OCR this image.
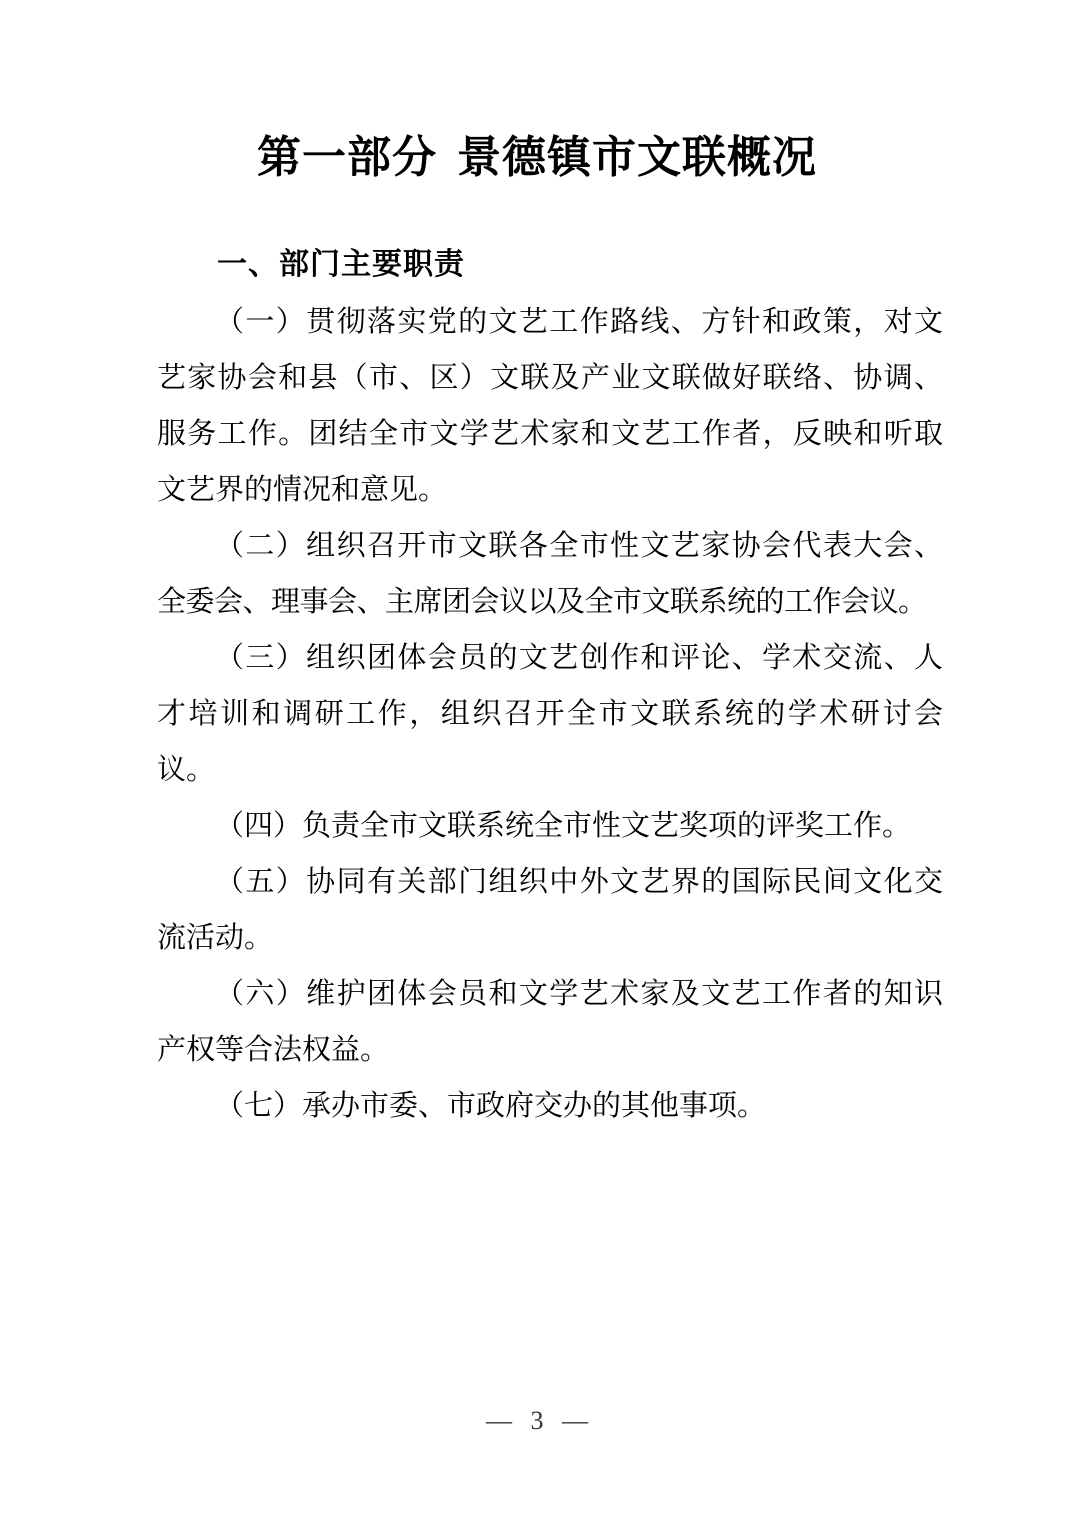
第一部分 景德镇市文联概况
一、部门主要职责
（一）贯彻落实党的文艺工作路线、方针和政策，对文
艺家协会和县（市、区）文联及产业文联做好联络、协调、
服务工作。团结全市文学艺术家和文艺工作者，反映和听取
文艺界的情况和意见。
（二）组织召开市文联各全市性文艺家协会代表大会、
全委会、理事会、主席团会议以及全市文联系统的工作会议。
（三）组织团体会员的文艺创作和评论、学术交流、人
才培训和调研工作，组织召开全市文联系统的学术研讨会
议。
（四）负责全市文联系统全市性文艺奖项的评奖工作。
（五）协同有关部门组织中外文艺界的国际民间文化交
流活动。
（六）维护团体会员和文学艺术家及文艺工作者的知识
产权等合法权益。
（七）承办市委、市政府交办的其他事项。
— 3 —
